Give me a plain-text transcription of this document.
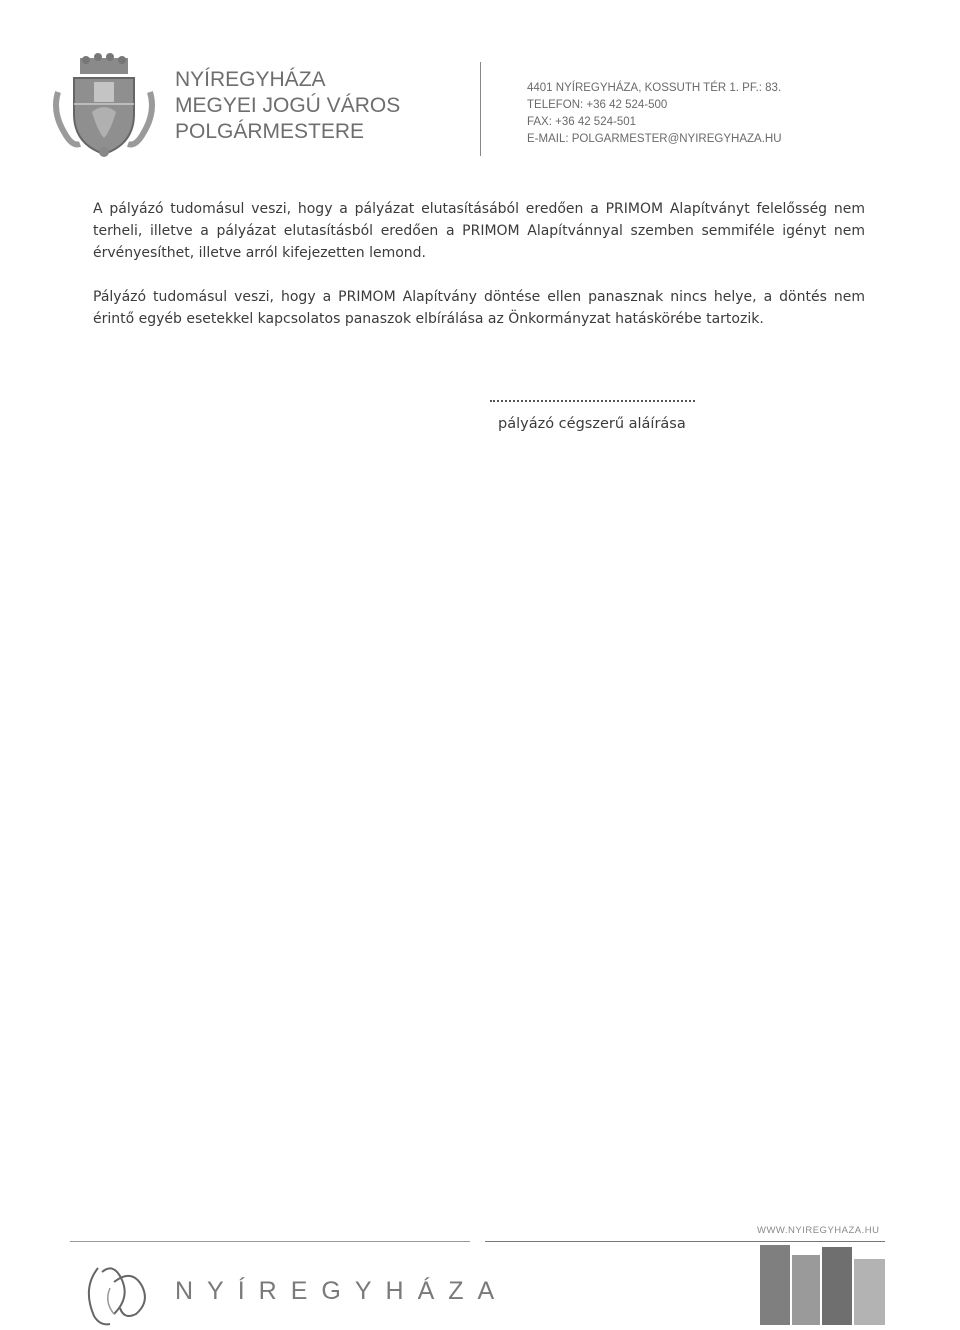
NYÍREGYHÁZA
MEGYEI JOGÚ VÁROS
POLGÁRMESTERE
4401 NYÍREGYHÁZA, KOSSUTH TÉR 1. PF.: 83.
TELEFON: +36 42 524-500
FAX: +36 42 524-501
E-MAIL: POLGARMESTER@NYIREGYHAZA.HU

A pályázó tudomásul veszi, hogy a pályázat elutasításából eredően a PRIMOM Alapítványt felelősség nem terheli, illetve a pályázat elutasításból eredően a PRIMOM Alapítvánnyal szemben semmiféle igényt nem érvényesíthet, illetve arról kifejezetten lemond.

Pályázó tudomásul veszi, hogy a PRIMOM Alapítvány döntése ellen panasznak nincs helye, a döntés nem érintő egyéb esetekkel kapcsolatos panaszok elbírálása az Önkormányzat hatáskörébe tartozik.

pályázó cégszerű aláírása
WWW.NYIREGYHAZA.HU
NYÍREGYHÁZA
